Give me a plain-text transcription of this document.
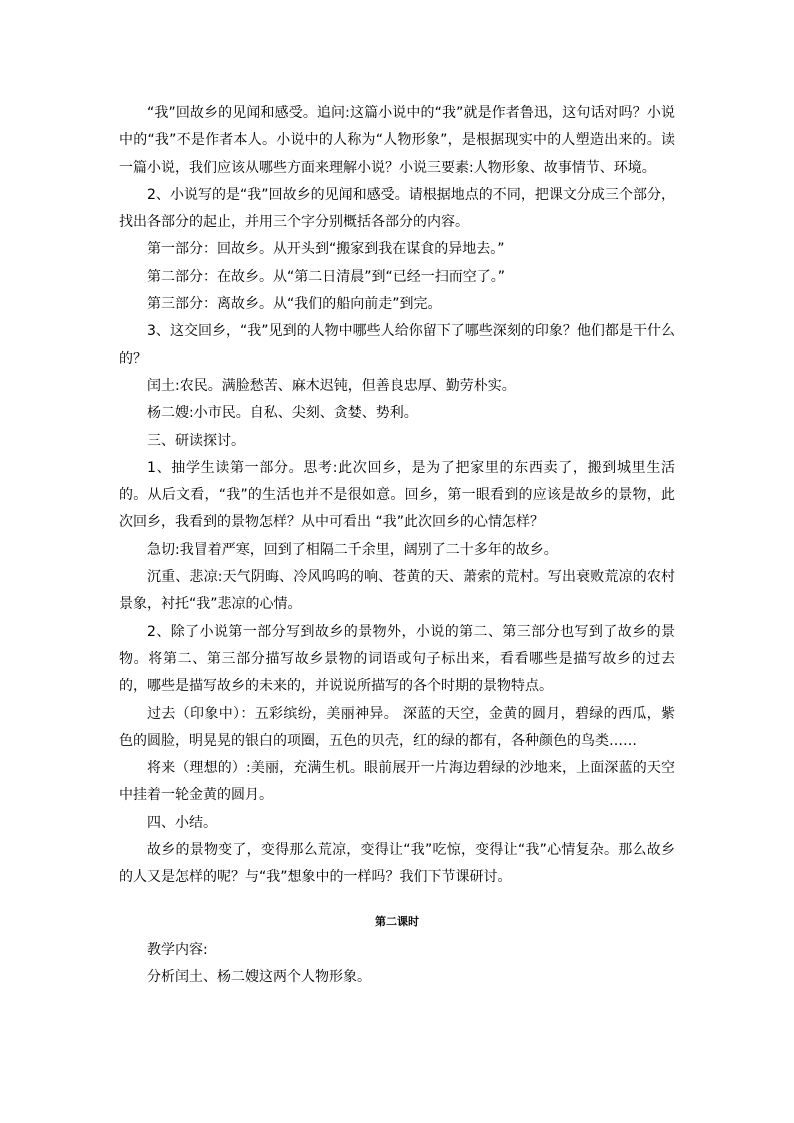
“我”回故乡的见闻和感受。追问:这篇小说中的“我”就是作者鲁迅，这句话对吗？小说中的“我”不是作者本人。小说中的人称为“人物形象”，是根据现实中的人塑造出来的。读一篇小说，我们应该从哪些方面来理解小说？小说三要素:人物形象、故事情节、环境。

2、小说写的是“我”回故乡的见闻和感受。请根据地点的不同，把课文分成三个部分，找出各部分的起止，并用三个字分别概括各部分的内容。

第一部分：回故乡。从开头到“搬家到我在谋食的异地去。”

第二部分：在故乡。从“第二日清晨”到“已经一扫而空了。”

第三部分：离故乡。从“我们的船向前走”到完。

3、这交回乡，“我”见到的人物中哪些人给你留下了哪些深刻的印象？他们都是干什么的？

闰土:农民。满脸愁苦、麻木迟钝，但善良忠厚、勤劳朴实。

杨二嫂:小市民。自私、尖刻、贪婪、势利。

三、研读探讨。

1、抽学生读第一部分。思考:此次回乡，是为了把家里的东西卖了，搬到城里生活的。从后文看，“我”的生活也并不是很如意。回乡，第一眼看到的应该是故乡的景物，此次回乡，我看到的景物怎样？从中可看出 “我”此次回乡的心情怎样？

急切:我冒着严寒，回到了相隔二千余里，阔别了二十多年的故乡。

沉重、悲凉:天气阴晦、冷风呜呜的响、苍黄的天、萧索的荒村。写出衰败荒凉的农村景象，衬托“我”悲凉的心情。

2、除了小说第一部分写到故乡的景物外，小说的第二、第三部分也写到了故乡的景物。将第二、第三部分描写故乡景物的词语或句子标出来，看看哪些是描写故乡的过去的，哪些是描写故乡的未来的，并说说所描写的各个时期的景物特点。

过去（印象中）：五彩缤纷，美丽神异。 深蓝的天空，金黄的圆月，碧绿的西瓜，紫色的圆脸，明晃晃的银白的项圈，五色的贝壳，红的绿的都有，各种颜色的鸟类……

将来（理想的）:美丽，充满生机。眼前展开一片海边碧绿的沙地来，上面深蓝的天空中挂着一轮金黄的圆月。

四、小结。

故乡的景物变了，变得那么荒凉，变得让“我”吃惊，变得让“我”心情复杂。那么故乡的人又是怎样的呢？与“我”想象中的一样吗？我们下节课研讨。

第二课时

教学内容:

分析闰土、杨二嫂这两个人物形象。
